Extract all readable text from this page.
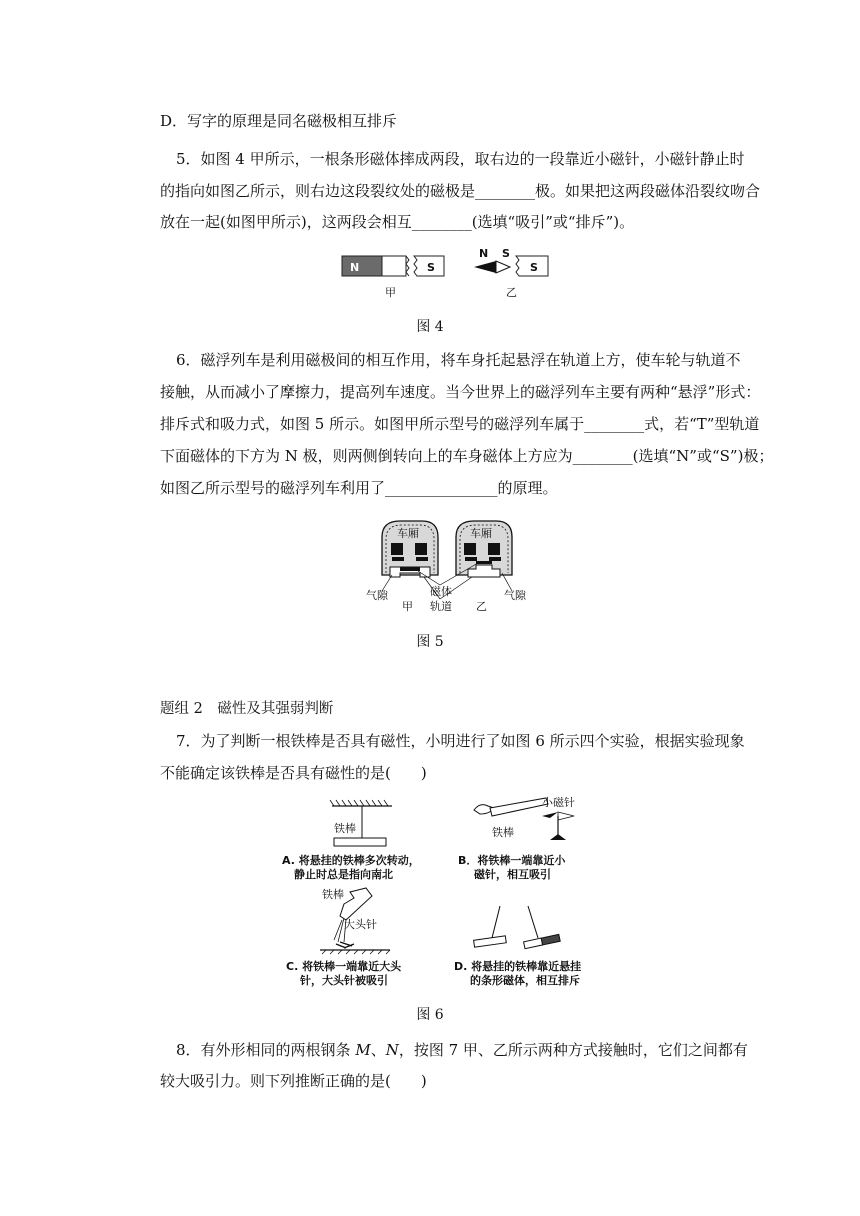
D．写字的原理是同名磁极相互排斥
5．如图 4 甲所示，一根条形磁体摔成两段，取右边的一段靠近小磁针，小磁针静止时
的指向如图乙所示，则右边这段裂纹处的磁极是________极。如果把这两段磁体沿裂纹吻合
放在一起(如图甲所示)，这两段会相互________(选填“吸引”或“排斥”)。
N	S
甲
N S
S
乙
图 4
6．磁浮列车是利用磁极间的相互作用，将车身托起悬浮在轨道上方，使车轮与轨道不
接触，从而减小了摩擦力，提高列车速度。当今世界上的磁浮列车主要有两种“悬浮”形式：
排斥式和吸力式，如图 5 所示。如图甲所示型号的磁浮列车属于________式，若“T”型轨道
下面磁体的下方为 N 极，则两侧倒转向上的车身磁体上方应为________(选填“N”或“S”)极；
如图乙所示型号的磁浮列车利用了_______________的原理。
车厢	车厢
气隙	磁体	气隙
甲 轨道 乙
图 5
题组 2　磁性及其强弱判断
7．为了判断一根铁棒是否具有磁性，小明进行了如图 6 所示四个实验，根据实验现象
不能确定该铁棒是否具有磁性的是(　　)
铁棒
A. 将悬挂的铁棒多次转动，
静止时总是指向南北
小磁针
铁棒
B．将铁棒一端靠近小
磁针，相互吸引
铁棒
大头针
C. 将铁棒一端靠近大头
针，大头针被吸引
D. 将悬挂的铁棒靠近悬挂
的条形磁体，相互排斥
图 6
8．有外形相同的两根钢条 M、N，按图 7 甲、乙所示两种方式接触时，它们之间都有
较大吸引力。则下列推断正确的是(　　)
